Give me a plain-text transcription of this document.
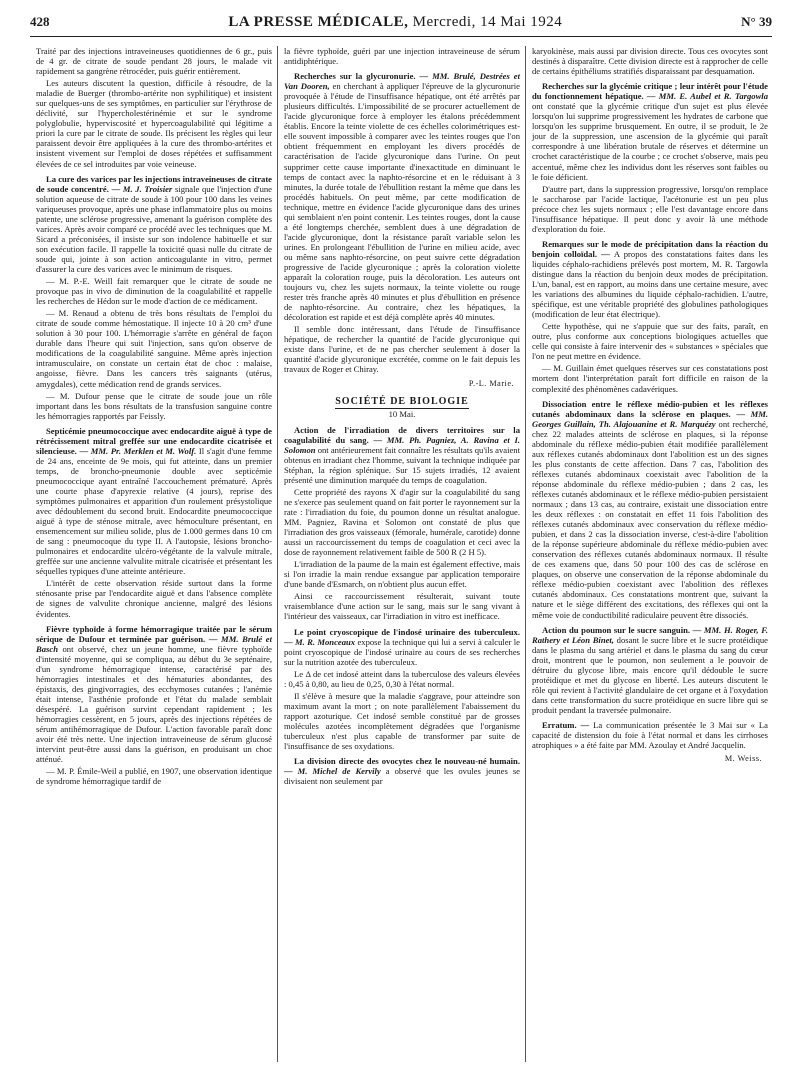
428	LA PRESSE MÉDICALE, Mercredi, 14 Mai 1924	N° 39

Traité par des injections intraveineuses quotidiennes de 6 gr., puis de 4 gr. de citrate de soude pendant 28 jours, le malade vit rapidement sa gangrène rétrocéder, puis guérir entièrement.

Les auteurs discutent la question, difficile à résoudre, de la maladie de Buerger (thrombo-artérite non syphilitique) et insistent sur quelques-uns de ses symptômes, en particulier sur l'érythrose de déclivité, sur l'hypercholestérinémie et sur le syndrome polyglobulie, hyperviscosité et hypercoagulabilité qui légitime a priori la cure par le citrate de soude. Ils précisent les règles qui leur paraissent devoir être appliquées à la cure des thrombo-artérites et insistent vivement sur l'emploi de doses répétées et suffisamment élevées de ce sel introduites par voie veineuse.

La cure des varices par les injections intraveineuses de citrate de soude concentré. — M. J. Troisier signale que l'injection d'une solution aqueuse de citrate de soude à 100 pour 100 dans les veines variqueuses provoque, après une phase inflammatoire plus ou moins patente, une sclérose progressive, amenant la guérison complète des varices. Après avoir comparé ce procédé avec les techniques que M. Sicard a préconisées, il insiste sur son indolence habituelle et sur son exécution facile. Il rappelle la toxicité quasi nulle du citrate de soude qui, jointe à son action anticoagulante in vitro, permet d'assurer la cure des varices avec le minimum de risques.

— M. P.-E. Weill fait remarquer que le citrate de soude ne provoque pas in vivo de diminution de la coagulabilité et rappelle les recherches de Hédon sur le mode d'action de ce médicament.

— M. Renaud a obtenu de très bons résultats de l'emploi du citrate de soude comme hémostatique. Il injecte 10 à 20 cm³ d'une solution à 30 pour 100. L'hémorragie s'arrête en général de façon durable dans l'heure qui suit l'injection, sans qu'on observe de modifications de la coagulabilité sanguine. Même après injection intramusculaire, on constate un certain état de choc : malaise, angoisse, fièvre. Dans les cancers très saignants (utérus, amygdales), cette médication rend de grands services.

— M. Dufour pense que le citrate de soude joue un rôle important dans les bons résultats de la transfusion sanguine contre les hémorragies rapportés par Feissly.

Septicémie pneumococcique avec endocardite aiguë à type de rétrécissement mitral greffée sur une endocardite cicatrisée et silencieuse. — MM. Pr. Merklen et M. Wolf. Il s'agit d'une femme de 24 ans, enceinte de 9e mois, qui fut atteinte, dans un premier temps, de broncho-pneumonie double avec septicémie pneumococcique ayant entraîné l'accouchement prématuré. Après une courte phase d'apyrexie relative (4 jours), reprise des symptômes pulmonaires et apparition d'un roulement présystolique avec dédoublement du second bruit. Endocardite pneumococcique aiguë à type de sténose mitrale, avec hémoculture présentant, en ensemencement sur milieu solide, plus de 1.000 germes dans 10 cm de sang : pneumocoque du type II. A l'autopsie, lésions broncho-pulmonaires et endocardite ulcéro-végétante de la valvule mitrale, greffée sur une ancienne valvulite mitrale cicatrisée et présentant les séquelles typiques d'une atteinte antérieure.

L'intérêt de cette observation réside surtout dans la forme sténosante prise par l'endocardite aiguë et dans l'absence complète de signes de valvulite chronique ancienne, malgré des lésions évidentes.

Fièvre typhoïde à forme hémorragique traitée par le sérum sérique de Dufour et terminée par guérison. — MM. Brulé et Basch ont observé, chez un jeune homme, une fièvre typhoïde d'intensité moyenne, qui se compliqua, au début du 3e septénaire, d'un syndrome hémorragique intense, caractérisé par des hémorragies intestinales et des hématuries abondantes, des épistaxis, des gingivorragies, des ecchymoses cutanées ; l'anémie était intense, l'asthénie profonde et l'état du malade semblait désespéré. La guérison survint cependant rapidement ; les hémorragies cessèrent, en 5 jours, après des injections répétées de sérum antihémorragique de Dufour. L'action favorable paraît donc avoir été très nette. Une injection intraveineuse de sérum glucosé intervint peut-être aussi dans la guérison, en produisant un choc atténué.

— M. P. Émile-Weil a publié, en 1907, une observation identique de syndrome hémorragique tardif de

la fièvre typhoïde, guéri par une injection intraveineuse de sérum antidiphtérique.

Recherches sur la glycuronurie. — MM. Brulé, Destrées et Van Dooren, en cherchant à appliquer l'épreuve de la glycuronurie provoquée à l'étude de l'insuffisance hépatique, ont été arrêtés par plusieurs difficultés. L'impossibilité de se procurer actuellement de l'acide glycuronique force à employer les étalons précédemment établis. Encore la teinte violette de ces échelles colorimétriques est-elle souvent impossible à comparer avec les teintes rouges que l'on obtient fréquemment en employant les divers procédés de caractérisation de l'acide glycuronique dans l'urine. On peut supprimer cette cause importante d'inexactitude en diminuant le temps de contact avec la naphto-résorcine et en le réduisant à 3 minutes, la durée totale de l'ébullition restant la même que dans les procédés habituels. On peut même, par cette modification de technique, mettre en évidence l'acide glycuronique dans des urines qui semblaient n'en point contenir. Les teintes rouges, dont la cause a été longtemps cherchée, semblent dues à une dégradation de l'acide glycuronique, dont la résistance paraît variable selon les urines. En prolongeant l'ébullition de l'urine en milieu acide, avec ou même sans naphto-résorcine, on peut suivre cette dégradation progressive de l'acide glycuronique ; après la coloration violette apparaît la coloration rouge, puis la décoloration. Les auteurs ont toujours vu, chez les sujets normaux, la teinte violette ou rouge rester très franche après 40 minutes et plus d'ébullition en présence de naphto-résorcine. Au contraire, chez les hépatiques, la décoloration est rapide et est déjà complète après 40 minutes.

Il semble donc intéressant, dans l'étude de l'insuffisance hépatique, de rechercher la quantité de l'acide glycuronique qui existe dans l'urine, et de ne pas chercher seulement à doser la quantité d'acide glycuronique excrétée, comme on le fait depuis les travaux de Roger et Chiray.

P.-L. Marie.
SOCIÉTÉ DE BIOLOGIE
10 Mai.

Action de l'irradiation de divers territoires sur la coagulabilité du sang. — MM. Ph. Pagniez, A. Ravina et I. Solomon ont antérieurement fait connaître les résultats qu'ils avaient obtenus en irradiant chez l'homme, suivant la technique indiquée par Stéphan, la région splénique. Sur 15 sujets irradiés, 12 avaient présenté une diminution marquée du temps de coagulation.

Cette propriété des rayons X d'agir sur la coagulabilité du sang ne s'exerce pas seulement quand on fait porter le rayonnement sur la rate : l'irradiation du foie, du poumon donne un résultat analogue. MM. Pagniez, Ravina et Solomon ont constaté de plus que l'irradiation des gros vaisseaux (fémorale, humérale, carotide) donne aussi un raccourcissement du temps de coagulation et ceci avec la dose de rayonnement relativement faible de 500 R (2 H 5).

L'irradiation de la paume de la main est également effective, mais si l'on irradie la main rendue exsangue par application temporaire d'une bande d'Esmarch, on n'obtient plus aucun effet.

Ainsi ce raccourcissement résulterait, suivant toute vraisemblance d'une action sur le sang, mais sur le sang vivant à l'intérieur des vaisseaux, car l'irradiation in vitro est inefficace.

Le point cryoscopique de l'indosé urinaire des tuberculeux. — M. R. Monceaux expose la technique qui lui a servi à calculer le point cryoscopique de l'indosé urinaire au cours de ses recherches sur la nutrition azotée des tuberculeux.

Le Δ de cet indosé atteint dans la tuberculose des valeurs élevées : 0,45 à 0,80, au lieu de 0,25, 0,30 à l'état normal.

Il s'élève à mesure que la maladie s'aggrave, pour atteindre son maximum avant la mort ; on note parallèlement l'abaissement du rapport azoturique. Cet indosé semble constitué par de grosses molécules azotées incomplètement dégradées que l'organisme tuberculeux n'est plus capable de transformer par suite de l'insuffisance de ses oxydations.

La division directe des ovocytes chez le nouveau-né humain. — M. Michel de Kervily a observé que les ovules jeunes se divisaient non seulement par

karyokinèse, mais aussi par division directe. Tous ces ovocytes sont destinés à disparaître. Cette division directe est à rapprocher de celle de certains épithéliums stratifiés disparaissant par desquamation.

Recherches sur la glycémie critique ; leur intérêt pour l'étude du fonctionnement hépatique. — MM. E. Aubel et R. Targowla ont constaté que la glycémie critique d'un sujet est plus élevée lorsqu'on lui supprime progressivement les hydrates de carbone que lorsqu'on les supprime brusquement. En outre, il se produit, le 2e jour de la suppression, une ascension de la glycémie qui paraît correspondre à une libération brutale de réserves et détermine un crochet caractéristique de la courbe ; ce crochet s'observe, mais peu accentué, même chez les individus dont les réserves sont faibles ou le foie déficient.

D'autre part, dans la suppression progressive, lorsqu'on remplace le saccharose par l'acide lactique, l'acétonurie est un peu plus précoce chez les sujets normaux ; elle l'est davantage encore dans l'insuffisance hépatique. Il peut donc y avoir là une méthode d'exploration du foie.

Remarques sur le mode de précipitation dans la réaction du benjoin colloïdal. — A propos des constatations faites dans les liquides céphalo-rachidiens prélevés post mortem, M. R. Targowla distingue dans la réaction du benjoin deux modes de précipitation. L'un, banal, est en rapport, au moins dans une certaine mesure, avec les variations des albumines du liquide céphalo-rachidien. L'autre, spécifique, est une véritable propriété des globulines pathologiques (modification de leur état électrique).

Cette hypothèse, qui ne s'appuie que sur des faits, paraît, en outre, plus conforme aux conceptions biologiques actuelles que celle qui consiste à faire intervenir des « substances » spéciales que l'on ne peut mettre en évidence.

— M. Guillain émet quelques réserves sur ces constatations post mortem dont l'interprétation paraît fort difficile en raison de la complexité des phénomènes cadavériques.

Dissociation entre le réflexe médio-pubien et les réflexes cutanés abdominaux dans la sclérose en plaques. — MM. Georges Guillain, Th. Alajouanine et R. Marquézy ont recherché, chez 22 malades atteints de sclérose en plaques, si la réponse abdominale du réflexe médio-pubien était modifiée parallèlement aux réflexes cutanés abdominaux dont l'abolition est un des signes les plus constants de cette affection. Dans 7 cas, l'abolition des réflexes cutanés abdominaux coexistait avec l'abolition de la réponse abdominale du réflexe médio-pubien ; dans 2 cas, les réflexes cutanés abdominaux et le réflexe médio-pubien persistaient normaux ; dans 13 cas, au contraire, existait une dissociation entre les deux réflexes : on constatait en effet 11 fois l'abolition des réflexes cutanés abdominaux avec conservation du réflexe médio-pubien, et dans 2 cas la dissociation inverse, c'est-à-dire l'abolition de la réponse supérieure abdominale du réflexe médio-pubien avec conservation des réflexes cutanés abdominaux normaux. Il résulte de ces examens que, dans 50 pour 100 des cas de sclérose en plaques, on observe une conservation de la réponse abdominale du réflexe médio-pubien coexistant avec l'abolition des réflexes cutanés abdominaux. Ces constatations montrent que, suivant la nature et le siège différent des excitations, des réflexes qui ont la même voie de conductibilité radiculaire peuvent être dissociés.

Action du poumon sur le sucre sanguin. — MM. H. Roger, F. Rathery et Léon Binet, dosant le sucre libre et le sucre protéidique dans le plasma du sang artériel et dans le plasma du sang du cœur droit, montrent que le poumon, non seulement a le pouvoir de détruire du glycose libre, mais encore qu'il dédouble le sucre protéidique et met du glycose en liberté. Les auteurs discutent le rôle qui revient à l'activité glandulaire de cet organe et à l'oxydation dans cette transformation du sucre protéidique en sucre libre qui se produit pendant la traversée pulmonaire.

Erratum. — La communication présentée le 3 Mai sur « La capacité de distension du foie à l'état normal et dans les cirrhoses atrophiques » a été faite par MM. Azoulay et André Jacquelin.

M. Weiss.
